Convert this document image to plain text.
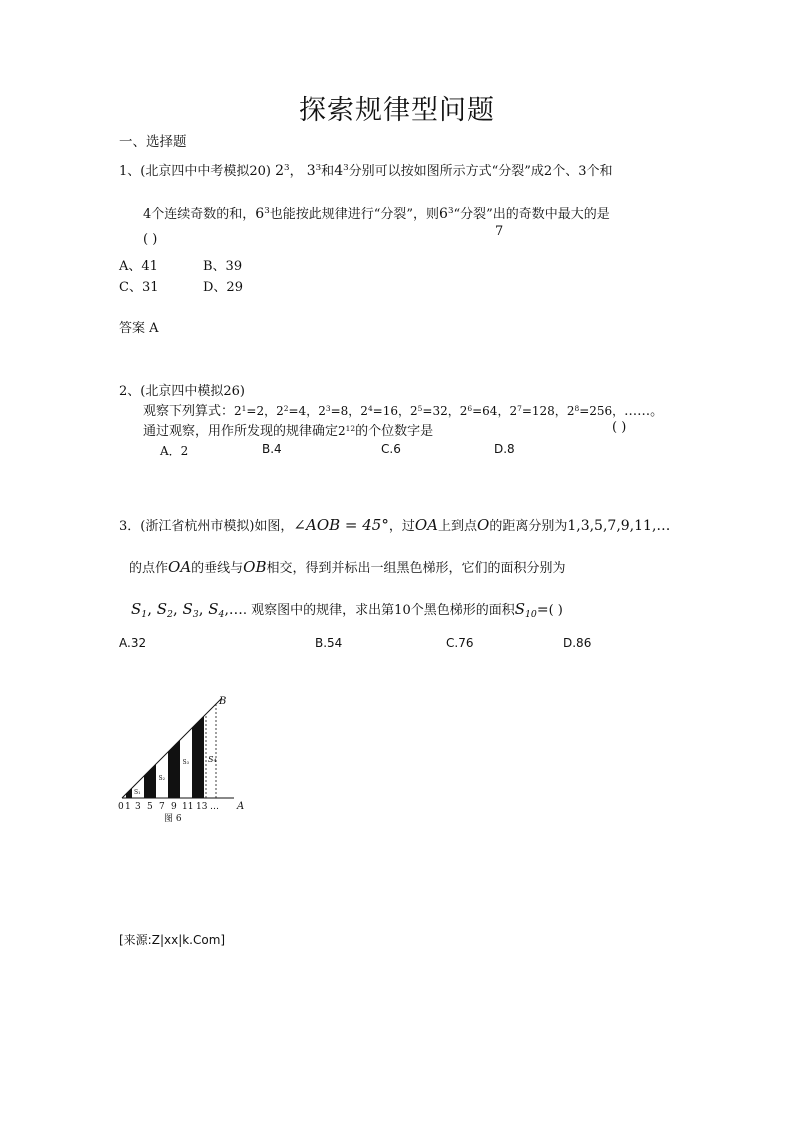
探索规律型问题
一、选择题
1、(北京四中中考模拟20) $2^3$， $3^3$和$4^3$分别可以按如图所示方式“分裂”成2个、3个和
4个连续奇数的和，$6^3$也能按此规律进行“分裂”，则$6^3“$分裂”出的奇数中最大的是
7
( )
A、41	B、39
C、31	D、29
答案 A
2、(北京四中模拟26)
观察下列算式：$2^1=2$，$2^2=4$，$2^3=8$，$2^4=16$，$2^5=32$，$2^6=64$，$2^7=128$，$2^8=256$，……。
通过观察，用作所发现的规律确定$2^{12}$的个位数字是	( )
A．2	B.4	C.6	D.8
3．(浙江省杭州市模拟)如图，∠AOB = 45°，过OA上到点O的距离分别为1,3,5,7,9,11,…
的点作OA的垂线与OB相交，得到并标出一组黑色梯形，它们的面积分别为
$S_1$, $S_2$, $S_3$, $S_4,\dots$. 观察图中的规律，求出第10个黑色梯形的面积$S_{10}=$( )
A.32	B.54	C.76	D.86
S₁
S₂
S₃ S₄
B
A
0 1 3 5 7 9 11 13 …
图 6
[来源:Z|xx|k.Com]
